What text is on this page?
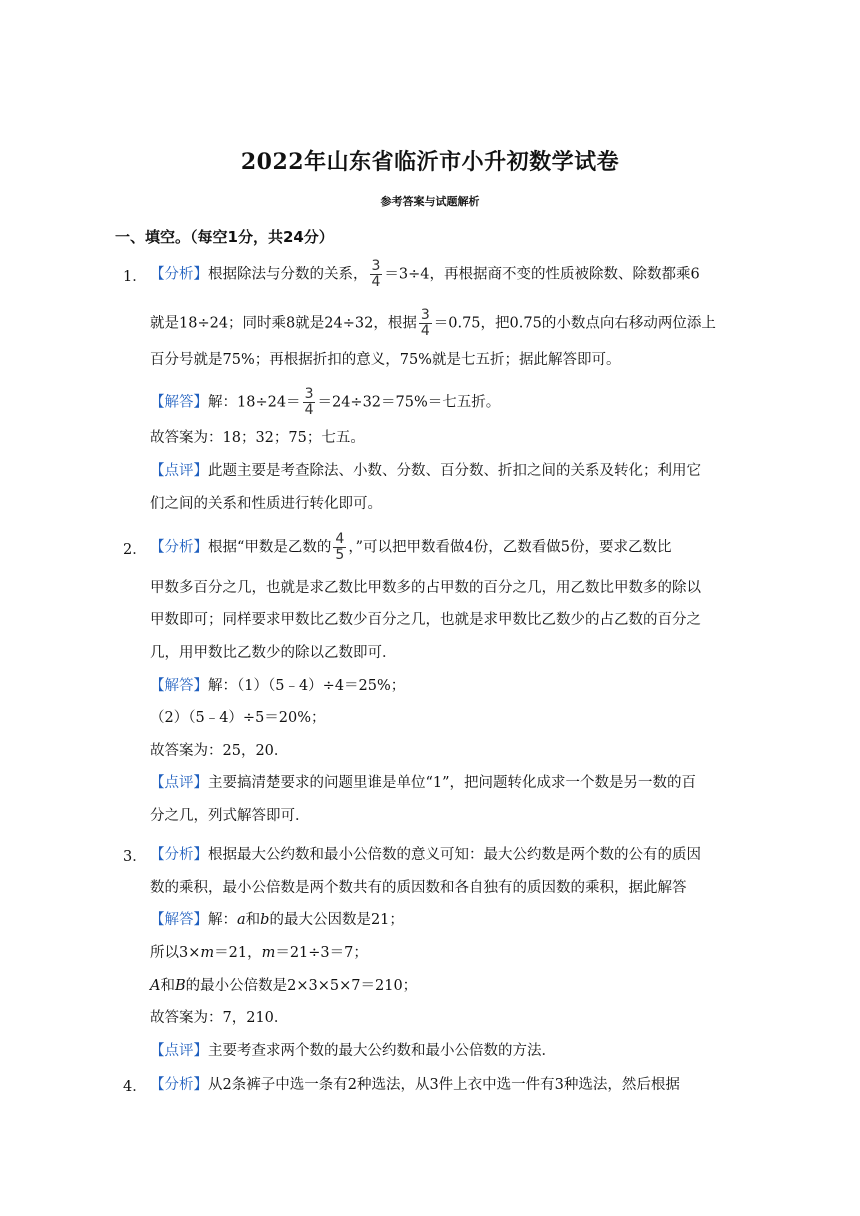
2022年山东省临沂市小升初数学试卷
参考答案与试题解析
一、填空。（每空1分，共24分）
1． 【分析】根据除法与分数的关系， $\frac{3}{4} =3\div 4$，再根据商不变的性质被除数、除数都乘6
就是18÷24；同时乘8就是24÷32，根据 $\frac{3}{4} =0.75$，把0.75的小数点向右移动两位添上
百分号就是75%；再根据折扣的意义，75%就是七五折；据此解答即可。
【解答】解：$18\div 24= \frac{3}{4} =24\div 32=75\%=$七五折。
故答案为：18；32；75；七五。
【点评】此题主要是考查除法、小数、分数、百分数、折扣之间的关系及转化；利用它
们之间的关系和性质进行转化即可。
2． 【分析】根据“甲数是乙数的 $\frac{4}{5}$ ，”可以把甲数看做4份，乙数看做5份，要求乙数比
甲数多百分之几，也就是求乙数比甲数多的占甲数的百分之几，用乙数比甲数多的除以
甲数即可；同样要求甲数比乙数少百分之几，也就是求甲数比乙数少的占乙数的百分之
几，用甲数比乙数少的除以乙数即可．
【解答】解：（1）（5﹣4）÷4＝25%；
（2）（5﹣4）÷5＝20%；
故答案为：25，20．
【点评】主要搞清楚要求的问题里谁是单位“1”，把问题转化成求一个数是另一数的百
分之几，列式解答即可．
3． 【分析】根据最大公约数和最小公倍数的意义可知：最大公约数是两个数的公有的质因
数的乘积，最小公倍数是两个数共有的质因数和各自独有的质因数的乘积，据此解答
【解答】解：a和b的最大公因数是21；
所以3×m＝21，m＝21÷3＝7；
A和B的最小公倍数是2×3×5×7＝210；
故答案为：7，210．
【点评】主要考查求两个数的最大公约数和最小公倍数的方法．
4． 【分析】从2条裤子中选一条有2种选法，从3件上衣中选一件有3种选法，然后根据
